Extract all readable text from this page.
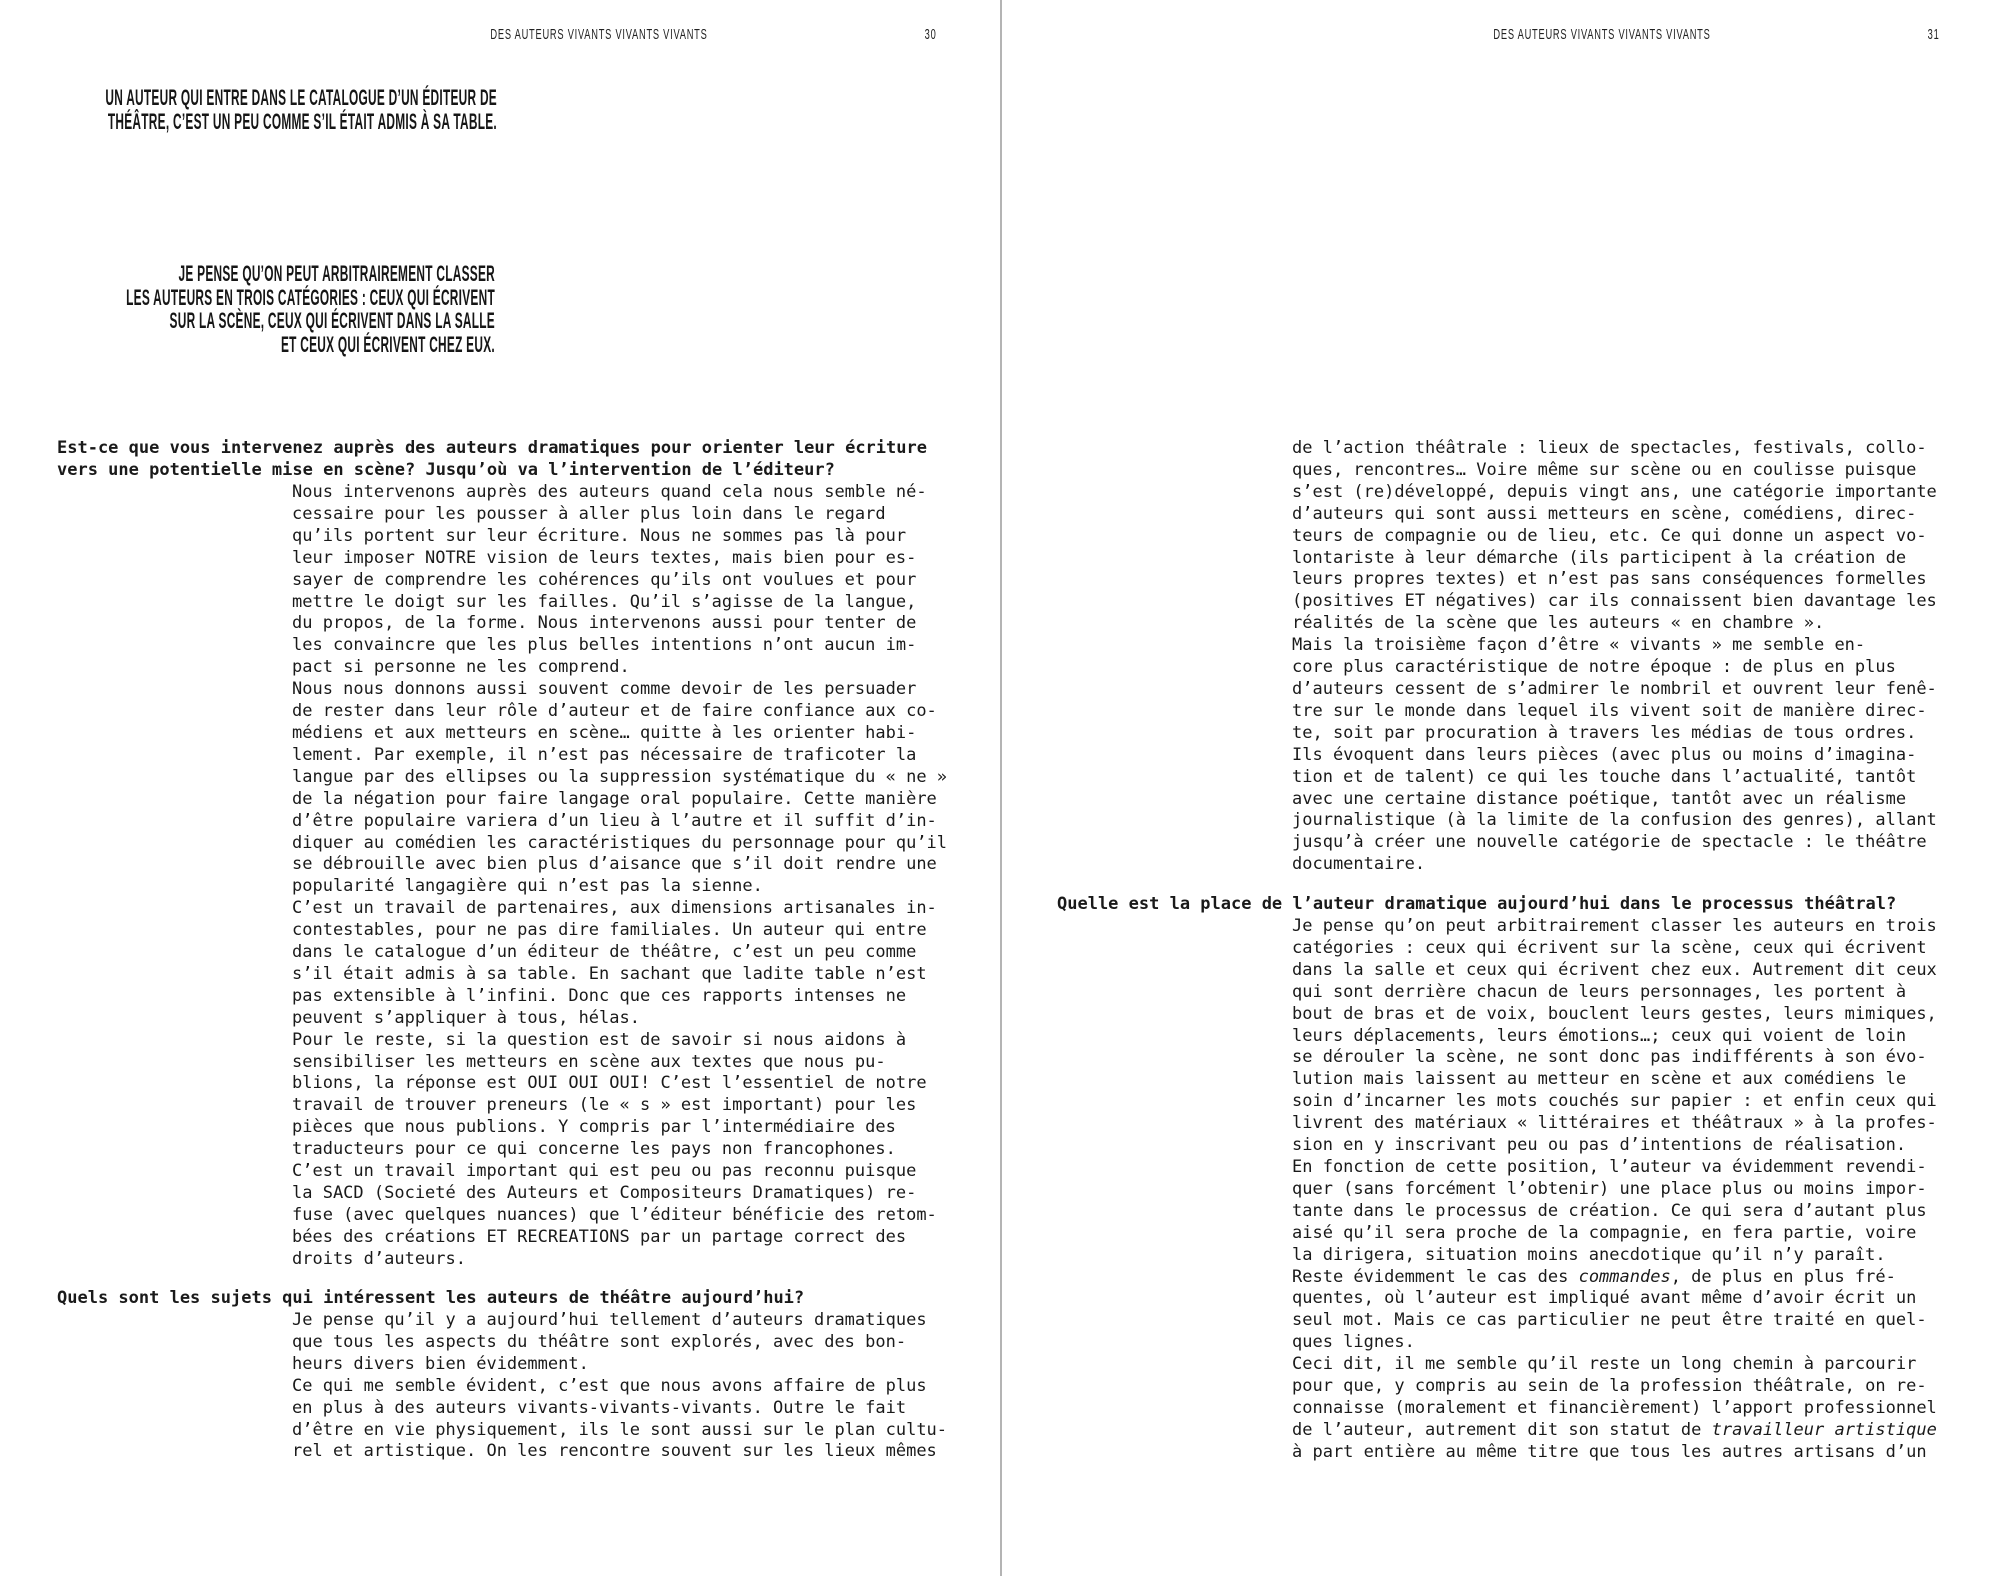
DES AUTEURS VIVANTS VIVANTS VIVANTS	30
UN AUTEUR QUI ENTRE DANS LE CATALOGUE D’UN ÉDITEUR DE
THÉÂTRE, C’EST UN PEU COMME S’IL ÉTAIT ADMIS À SA TABLE.
JE PENSE QU’ON PEUT ARBITRAIREMENT CLASSER
LES AUTEURS EN TROIS CATÉGORIES : CEUX QUI ÉCRIVENT
SUR LA SCÈNE, CEUX QUI ÉCRIVENT DANS LA SALLE
ET CEUX QUI ÉCRIVENT CHEZ EUX.
Est-ce que vous intervenez auprès des auteurs dramatiques pour orienter leur écriture
vers une potentielle mise en scène? Jusqu’où va l’intervention de l’éditeur?
Nous intervenons auprès des auteurs quand cela nous semble né-
cessaire pour les pousser à aller plus loin dans le regard
qu’ils portent sur leur écriture. Nous ne sommes pas là pour
leur imposer NOTRE vision de leurs textes, mais bien pour es-
sayer de comprendre les cohérences qu’ils ont voulues et pour
mettre le doigt sur les failles. Qu’il s’agisse de la langue,
du propos, de la forme. Nous intervenons aussi pour tenter de
les convaincre que les plus belles intentions n’ont aucun im-
pact si personne ne les comprend.
Nous nous donnons aussi souvent comme devoir de les persuader
de rester dans leur rôle d’auteur et de faire confiance aux co-
médiens et aux metteurs en scène… quitte à les orienter habi-
lement. Par exemple, il n’est pas nécessaire de traficoter la
langue par des ellipses ou la suppression systématique du « ne »
de la négation pour faire langage oral populaire. Cette manière
d’être populaire variera d’un lieu à l’autre et il suffit d’in-
diquer au comédien les caractéristiques du personnage pour qu’il
se débrouille avec bien plus d’aisance que s’il doit rendre une
popularité langagière qui n’est pas la sienne.
C’est un travail de partenaires, aux dimensions artisanales in-
contestables, pour ne pas dire familiales. Un auteur qui entre
dans le catalogue d’un éditeur de théâtre, c’est un peu comme
s’il était admis à sa table. En sachant que ladite table n’est
pas extensible à l’infini. Donc que ces rapports intenses ne
peuvent s’appliquer à tous, hélas.
Pour le reste, si la question est de savoir si nous aidons à
sensibiliser les metteurs en scène aux textes que nous pu-
blions, la réponse est OUI OUI OUI! C’est l’essentiel de notre
travail de trouver preneurs (le « s » est important) pour les
pièces que nous publions. Y compris par l’intermédiaire des
traducteurs pour ce qui concerne les pays non francophones.
C’est un travail important qui est peu ou pas reconnu puisque
la SACD (Societé des Auteurs et Compositeurs Dramatiques) re-
fuse (avec quelques nuances) que l’éditeur bénéficie des retom-
bées des créations ET RECREATIONS par un partage correct des
droits d’auteurs.
Quels sont les sujets qui intéressent les auteurs de théâtre aujourd’hui?
Je pense qu’il y a aujourd’hui tellement d’auteurs dramatiques
que tous les aspects du théâtre sont explorés, avec des bon-
heurs divers bien évidemment.
Ce qui me semble évident, c’est que nous avons affaire de plus
en plus à des auteurs vivants-vivants-vivants. Outre le fait
d’être en vie physiquement, ils le sont aussi sur le plan cultu-
rel et artistique. On les rencontre souvent sur les lieux mêmes
DES AUTEURS VIVANTS VIVANTS VIVANTS	31
de l’action théâtrale : lieux de spectacles, festivals, collo-
ques, rencontres… Voire même sur scène ou en coulisse puisque
s’est (re)développé, depuis vingt ans, une catégorie importante
d’auteurs qui sont aussi metteurs en scène, comédiens, direc-
teurs de compagnie ou de lieu, etc. Ce qui donne un aspect vo-
lontariste à leur démarche (ils participent à la création de
leurs propres textes) et n’est pas sans conséquences formelles
(positives ET négatives) car ils connaissent bien davantage les
réalités de la scène que les auteurs « en chambre ».
Mais la troisième façon d’être « vivants » me semble en-
core plus caractéristique de notre époque : de plus en plus
d’auteurs cessent de s’admirer le nombril et ouvrent leur fenê-
tre sur le monde dans lequel ils vivent soit de manière direc-
te, soit par procuration à travers les médias de tous ordres.
Ils évoquent dans leurs pièces (avec plus ou moins d’imagina-
tion et de talent) ce qui les touche dans l’actualité, tantôt
avec une certaine distance poétique, tantôt avec un réalisme
journalistique (à la limite de la confusion des genres), allant
jusqu’à créer une nouvelle catégorie de spectacle : le théâtre
documentaire.
Quelle est la place de l’auteur dramatique aujourd’hui dans le processus théâtral?
Je pense qu’on peut arbitrairement classer les auteurs en trois
catégories : ceux qui écrivent sur la scène, ceux qui écrivent
dans la salle et ceux qui écrivent chez eux. Autrement dit ceux
qui sont derrière chacun de leurs personnages, les portent à
bout de bras et de voix, bouclent leurs gestes, leurs mimiques,
leurs déplacements, leurs émotions…; ceux qui voient de loin
se dérouler la scène, ne sont donc pas indifférents à son évo-
lution mais laissent au metteur en scène et aux comédiens le
soin d’incarner les mots couchés sur papier : et enfin ceux qui
livrent des matériaux « littéraires et théâtraux » à la profes-
sion en y inscrivant peu ou pas d’intentions de réalisation.
En fonction de cette position, l’auteur va évidemment revendi-
quer (sans forcément l’obtenir) une place plus ou moins impor-
tante dans le processus de création. Ce qui sera d’autant plus
aisé qu’il sera proche de la compagnie, en fera partie, voire
la dirigera, situation moins anecdotique qu’il n’y paraît.
Reste évidemment le cas des commandes, de plus en plus fré-
quentes, où l’auteur est impliqué avant même d’avoir écrit un
seul mot. Mais ce cas particulier ne peut être traité en quel-
ques lignes.
Ceci dit, il me semble qu’il reste un long chemin à parcourir
pour que, y compris au sein de la profession théâtrale, on re-
connaisse (moralement et financièrement) l’apport professionnel
de l’auteur, autrement dit son statut de travailleur artistique
à part entière au même titre que tous les autres artisans d’un
